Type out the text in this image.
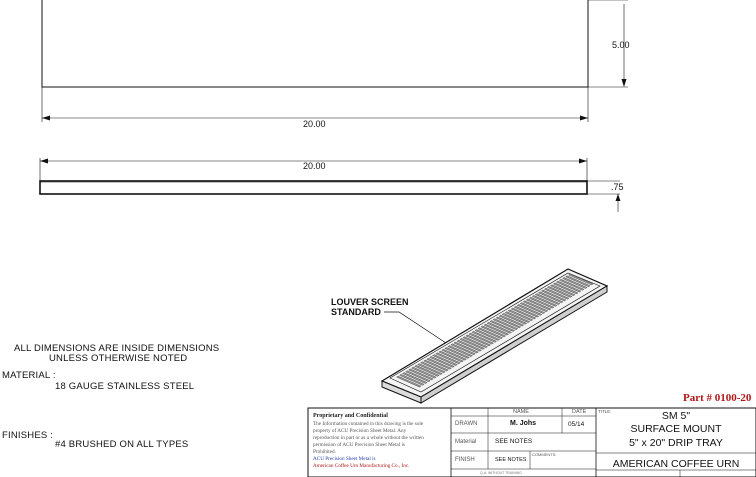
5.00
20.00
20.00
.75
LOUVER SCREEN
STANDARD
ALL DIMENSIONS ARE INSIDE DIMENSIONS
UNLESS OTHERWISE NOTED
MATERIAL :
18 GAUGE STAINLESS STEEL
FINISHES :
#4 BRUSHED ON ALL TYPES
Part # 0100-20
Proprietary and Confidential
The Information contained in this drawing is the sole
property of ACU Precision Sheet Metal. Any
reproduction in part or as a whole without the written
permission of ACU Precision Sheet Metal is
Prohibited.
ACU Precision Sheet Metal is
American Coffee Urn Manufacturing Co., Inc.
NAME	DATE
DRAWN	M. Johs	05/14
Material	SEE NOTES
FINISH	SEE NOTES
COMMENTS:
Q.A. WITHOUT TRAINING
TITLE:	SM 5"
SURFACE MOUNT
5" x 20" DRIP TRAY
AMERICAN COFFEE URN
